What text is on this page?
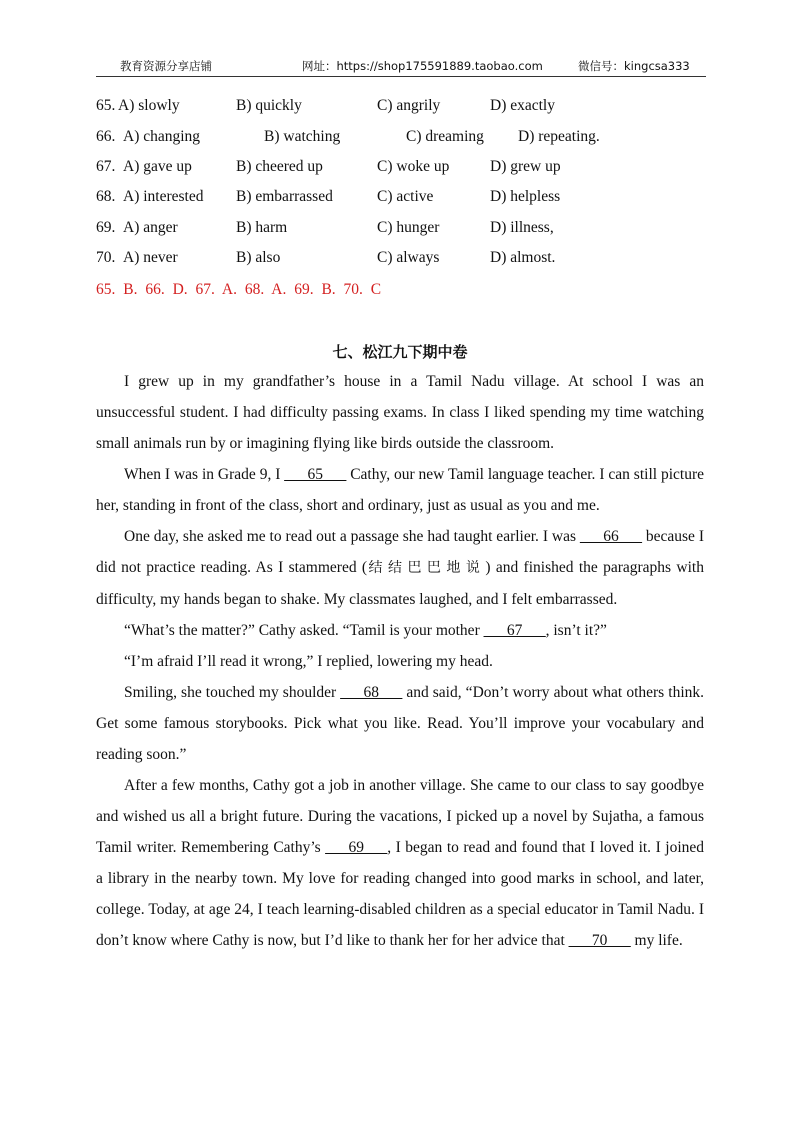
教育资源分享店铺	网址：https://shop175591889.taobao.com	微信号：kingcsa333
65. A) slowly	B) quickly	C) angrily	D) exactly
66. A) changing	B) watching	C) dreaming D) repeating.
67. A) gave up	B) cheered up	C) woke up	D) grew up
68. A) interested B) embarrassed	C) active	D) helpless
69. A) anger	B) harm	C) hunger	D) illness,
70. A) never	B) also	C) always	D) almost.
65. B. 66. D. 67. A. 68. A. 69. B. 70. C
七、松江九下期中卷

I grew up in my grandfather’s house in a Tamil Nadu village. At school I was an unsuccessful student. I had difficulty passing exams. In class I liked spending my time watching small animals run by or imagining flying like birds outside the classroom.

When I was in Grade 9, I ___65___ Cathy, our new Tamil language teacher. I can still picture her, standing in front of the class, short and ordinary, just as usual as you and me.

One day, she asked me to read out a passage she had taught earlier. I was ___66___ because I did not practice reading. As I stammered (结结巴巴地说) and finished the paragraphs with difficulty, my hands began to shake. My classmates laughed, and I felt embarrassed.

“What’s the matter?” Cathy asked. “Tamil is your mother ___67___, isn’t it?”

“I’m afraid I’ll read it wrong,” I replied, lowering my head.

Smiling, she touched my shoulder ___68___ and said, “Don’t worry about what others think. Get some famous storybooks. Pick what you like. Read. You’ll improve your vocabulary and reading soon.”

After a few months, Cathy got a job in another village. She came to our class to say goodbye and wished us all a bright future. During the vacations, I picked up a novel by Sujatha, a famous Tamil writer. Remembering Cathy’s ___69___, I began to read and found that I loved it. I joined a library in the nearby town. My love for reading changed into good marks in school, and later, college. Today, at age 24, I teach learning-disabled children as a special educator in Tamil Nadu. I don’t know where Cathy is now, but I’d like to thank her for her advice that ___70___ my life.
